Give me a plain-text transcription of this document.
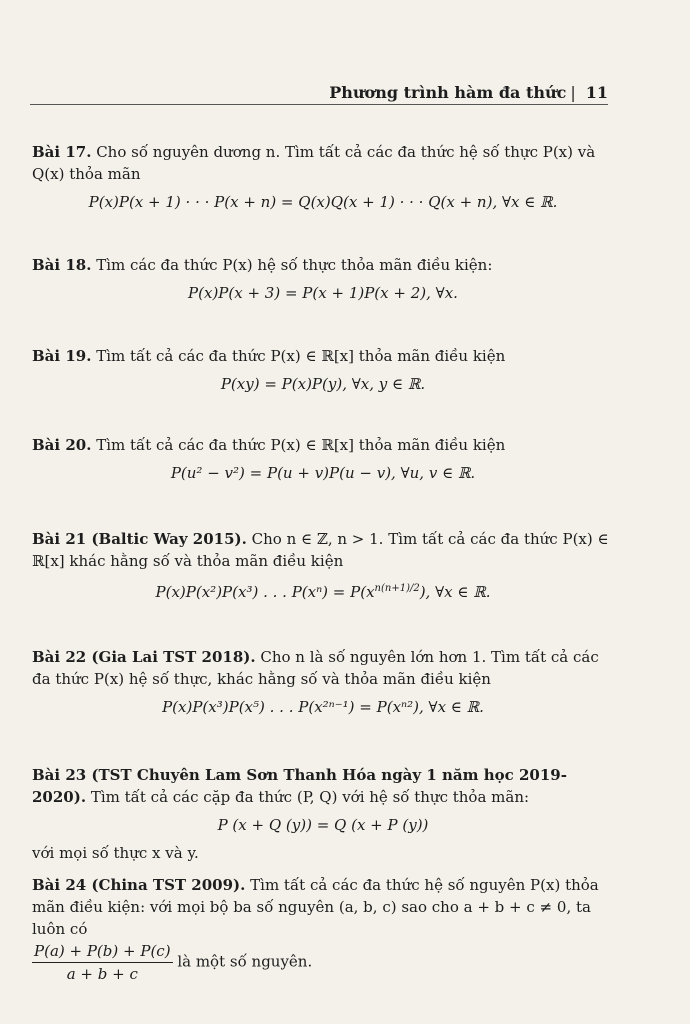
Phương trình hàm đa thức | 11
Bài 17. Cho số nguyên dương n. Tìm tất cả các đa thức hệ số thực P(x) và Q(x) thỏa mãn
P(x)P(x + 1) · · · P(x + n) = Q(x)Q(x + 1) · · · Q(x + n), ∀x ∈ ℝ.
Bài 18. Tìm các đa thức P(x) hệ số thực thỏa mãn điều kiện:
P(x)P(x + 3) = P(x + 1)P(x + 2), ∀x.
Bài 19. Tìm tất cả các đa thức P(x) ∈ ℝ[x] thỏa mãn điều kiện
P(xy) = P(x)P(y), ∀x, y ∈ ℝ.
Bài 20. Tìm tất cả các đa thức P(x) ∈ ℝ[x] thỏa mãn điều kiện
P(u² − v²) = P(u + v)P(u − v), ∀u, v ∈ ℝ.
Bài 21 (Baltic Way 2015). Cho n ∈ ℤ, n > 1. Tìm tất cả các đa thức P(x) ∈ ℝ[x] khác hằng số và thỏa mãn điều kiện
P(x)P(x²)P(x³) . . . $P(x^n) = P(x^{n(n+1)/2})$, ∀x ∈ ℝ.
Bài 22 (Gia Lai TST 2018). Cho n là số nguyên lớn hơn 1. Tìm tất cả các đa thức P(x) hệ số thực, khác hằng số và thỏa mãn điều kiện
P(x)P(x³)P(x⁵) . . . P(x²ⁿ⁻¹) = P(xⁿ²), ∀x ∈ ℝ.
Bài 23 (TST Chuyên Lam Sơn Thanh Hóa ngày 1 năm học 2019-2020). Tìm tất cả các cặp đa thức (P, Q) với hệ số thực thỏa mãn:
P (x + Q (y)) = Q (x + P (y))
với mọi số thực x và y.
Bài 24 (China TST 2009). Tìm tất cả các đa thức hệ số nguyên P(x) thỏa mãn điều kiện: với mọi bộ ba số nguyên (a, b, c) sao cho a + b + c ≠ 0, ta luôn có

$\frac{P(a) + P(b) + P(c)}{a + b + c}$ là một số nguyên.
